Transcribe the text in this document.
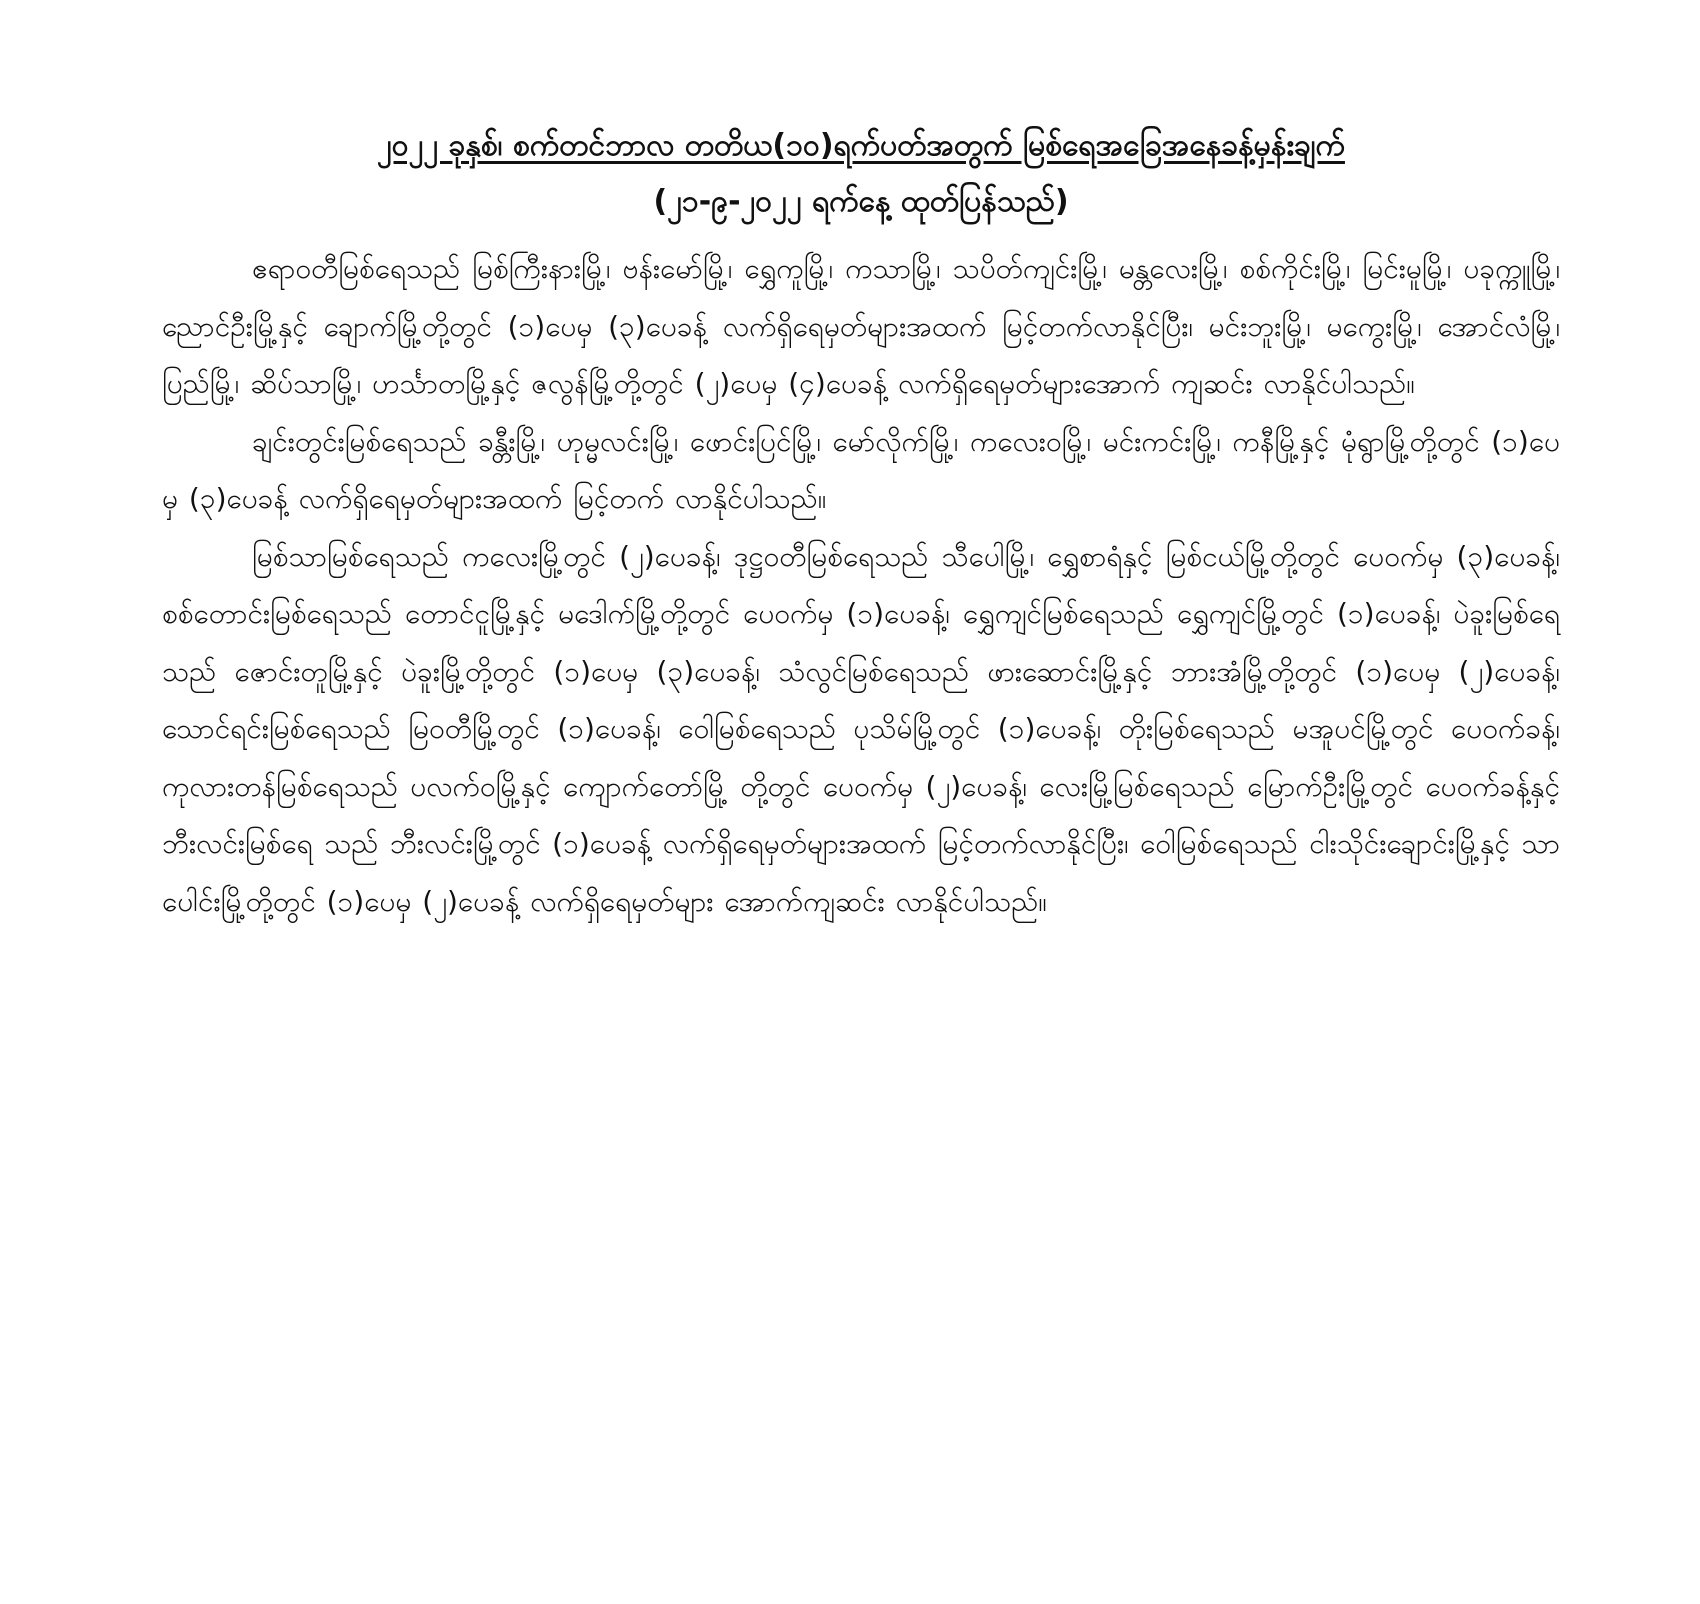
၂၀၂၂ ခုနှစ်၊ စက်တင်ဘာလ တတိယ(၁၀)ရက်ပတ်အတွက် မြစ်ရေအခြေအနေခန့်မှန်းချက်
(၂၁-၉-၂၀၂၂ ရက်နေ့ ထုတ်ပြန်သည်)

ဧရာဝတီမြစ်ရေသည် မြစ်ကြီးနားမြို့၊ ဗန်းမော်မြို့၊ ရွှေကူမြို့၊ ကသာမြို့၊ သပိတ်ကျင်းမြို့၊ မန္တလေးမြို့၊ စစ်ကိုင်းမြို့၊ မြင်းမူမြို့၊ ပခုက္ကူမြို့၊ ညောင်ဦးမြို့နှင့် ချောက်မြို့တို့တွင် (၁)ပေမှ (၃)ပေခန့် လက်ရှိရေမှတ်များအထက် မြင့်တက်လာနိုင်ပြီး၊ မင်းဘူးမြို့၊ မကွေးမြို့၊ အောင်လံမြို့၊ ပြည်မြို့၊ ဆိပ်သာမြို့၊ ဟင်္သာတမြို့နှင့် ဇလွန်မြို့တို့တွင် (၂)ပေမှ (၄)ပေခန့် လက်ရှိရေမှတ်များအောက် ကျဆင်း လာနိုင်ပါသည်။

ချင်းတွင်းမြစ်ရေသည် ခန္တီးမြို့၊ ဟုမ္မလင်းမြို့၊ ဖောင်းပြင်မြို့၊ မော်လိုက်မြို့၊ ကလေးဝမြို့၊ မင်းကင်းမြို့၊ ကနီမြို့နှင့် မုံရွာမြို့တို့တွင် (၁)ပေမှ (၃)ပေခန့် လက်ရှိရေမှတ်များအထက် မြင့်တက် လာနိုင်ပါသည်။

မြစ်သာမြစ်ရေသည် ကလေးမြို့တွင် (၂)ပေခန့်၊ ဒုဋ္ဌဝတီမြစ်ရေသည် သီပေါမြို့၊ ရွှေစာရံနှင့် မြစ်ငယ်မြို့တို့တွင် ပေဝက်မှ (၃)ပေခန့်၊ စစ်တောင်းမြစ်ရေသည် တောင်ငူမြို့နှင့် မဒေါက်မြို့တို့တွင် ပေဝက်မှ (၁)ပေခန့်၊ ရွှေကျင်မြစ်ရေသည် ရွှေကျင်မြို့တွင် (၁)ပေခန့်၊ ပဲခူးမြစ်ရေသည် ဇောင်းတူမြို့နှင့် ပဲခူးမြို့တို့တွင် (၁)ပေမှ (၃)ပေခန့်၊ သံလွင်မြစ်ရေသည် ဖားဆောင်းမြို့နှင့် ဘားအံမြို့တို့တွင် (၁)ပေမှ (၂)ပေခန့်၊ သောင်ရင်းမြစ်ရေသည် မြဝတီမြို့တွင် (၁)ပေခန့်၊ ဝေါမြစ်ရေသည် ပုသိမ်မြို့တွင် (၁)ပေခန့်၊ တိုးမြစ်ရေသည် မအူပင်မြို့တွင် ပေဝက်ခန့်၊ ကုလားတန်မြစ်ရေသည် ပလက်ဝမြို့နှင့် ကျောက်တော်မြို့ တို့တွင် ပေဝက်မှ (၂)ပေခန့်၊ လေးမြို့မြစ်ရေသည် မြောက်ဦးမြို့တွင် ပေဝက်ခန့်နှင့် ဘီးလင်းမြစ်ရေ သည် ဘီးလင်းမြို့တွင် (၁)ပေခန့် လက်ရှိရေမှတ်များအထက် မြင့်တက်လာနိုင်ပြီး၊ ဝေါမြစ်ရေသည် ငါးသိုင်းချောင်းမြို့နှင့် သာပေါင်းမြို့တို့တွင် (၁)ပေမှ (၂)ပေခန့် လက်ရှိရေမှတ်များ အောက်ကျဆင်း လာနိုင်ပါသည်။
